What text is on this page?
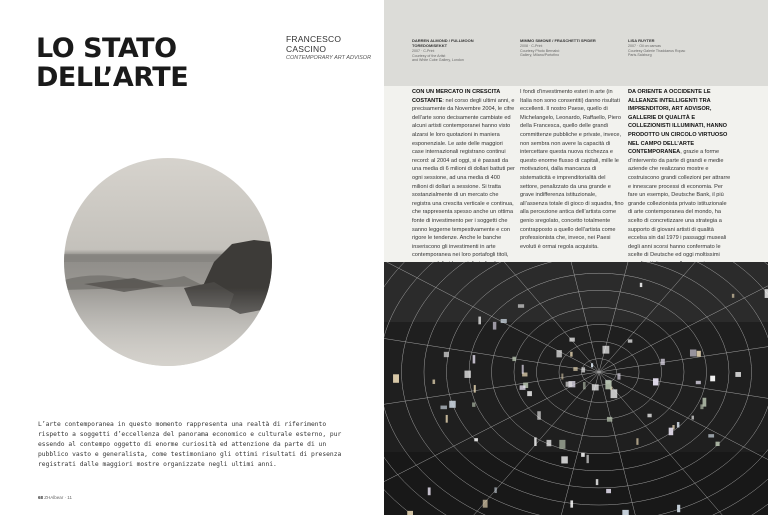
LO STATO
DELL’ARTE
FRANCESCO CASCINO
CONTEMPORARY ART ADVISOR

L’arte contemporanea in questo momento rappresenta una realtà di riferimento rispetto a soggetti d’eccellenza del panorama economico e culturale esterno, pur essendo al contempo oggetto di enorme curiosità ed attenzione da parte di un pubblico vasto e generalista, come testimoniano gli ottimi risultati di presenza registrati dalle maggiori mostre organizzate negli ultimi anni.

68 ZHAlbear · 11
DARREN ALMOND / FULLMOON TOREDOMISEKKT
2007 · C-Print
Courtesy of the Artist
and White Cube Gallery, London
MIMMO SIMONE / FRASCHETTI SPIDER
2008 · C-Print
Courtesy Photo Bernabò
Gallery, Milano/Portofino
LISA RUYTER
2007 · Oil on canvas
Courtesy Galerie Thaddaeus Ropac
Paris-Salzburg

CON UN MERCATO IN CRESCITA COSTANTE: nel corso degli ultimi anni, e precisamente da Novembre 2004, le cifre dell’arte sono decisamente cambiate ed alcuni artisti contemporanei hanno visto alzarsi le loro quotazioni in maniera esponenziale. Le aste delle maggiori case internazionali registrano continui record: al 2004 ad oggi, si è passati da una media di 6 milioni di dollari battuti per ogni sessione, ad una media di 400 milioni di dollari a sessione. Si tratta sostanzialmente di un mercato che registra una crescita verticale e continua, che rappresenta spesso anche un ottima fonte di investimento per i soggetti che sanno leggerne tempestivamente e con rigore le tendenze. Anche le banche inseriscono gli investimenti in arte contemporanea nei loro portafogli titoli,

I fondi d’investimento esteri in arte (in Italia non sono consentiti) danno risultati eccellenti. Il nostro Paese, quello di Michelangelo, Leonardo, Raffaello, Piero della Francesca, quello delle grandi committenze pubbliche e private, invece, non sembra non avere la capacità di intercettare questa nuova ricchezza e questo enorme flusso di capitali, mille le motivazioni, dalla mancanza di sistematicità e imprenditorialità del settore, penalizzato da una grande e grave indifferenza istituzionale, all’assenza totale di gioco di squadra, fino alla percezione antica dell’artista come genio sregolato, concetto totalmente contrapposto a quello dell’artista come professionista che, invece, nei Paesi evoluti è ormai regola acquisita.

DA ORIENTE A OCCIDENTE LE ALLEANZE INTELLIGENTI TRA IMPRENDITORI, ART ADVISOR, GALLERIE DI QUALITÀ E COLLEZIONISTI ILLUMINATI, HANNO PRODOTTO UN CIRCOLO VIRTUOSO NEL CAMPO DELL’ARTE CONTEMPORANEA, grazie a forme d’intervento da parte di grandi e medie aziende che realizzano mostre e costruiscono grandi collezioni per attrarre e innescare processi di economia. Per fare un esempio, Deutsche Bank, il più grande collezionista privato istituzionale di arte contemporanea del mondo, ha scelto di concretizzare una strategia a supporto di giovani artisti di qualità eccelsa sin dal 1979 i passaggi museali degli anni scorsi hanno confermato le scelte di Deutsche ed oggi moltissimi
